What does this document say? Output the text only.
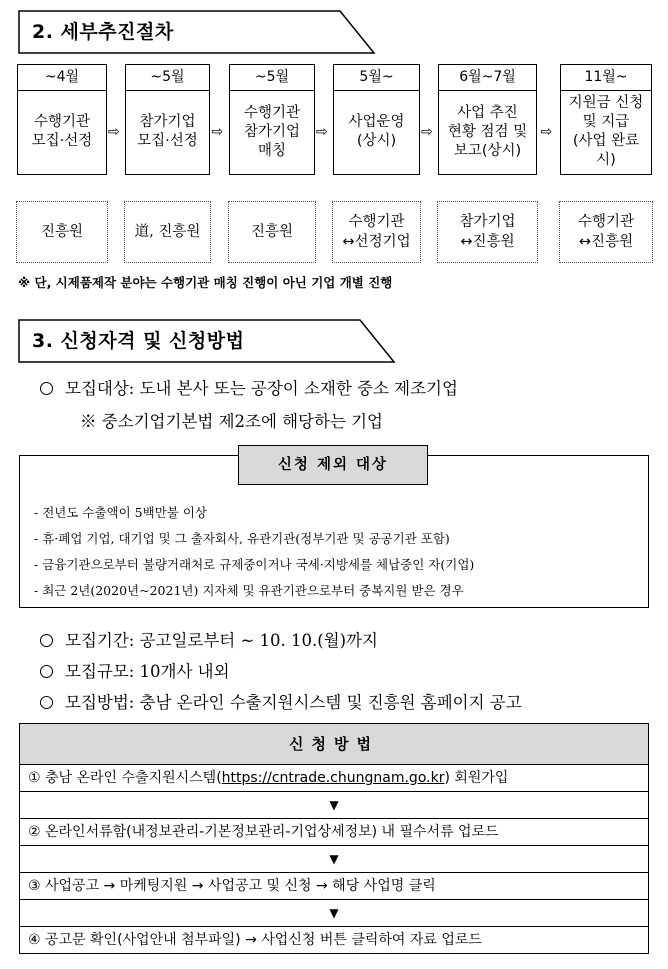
2. 세부추진절차
~4월
수행기관
모집·선정
진흥원
⇨
~5월
참가기업
모집·선정
道, 진흥원
⇨
~5월
수행기관
참가기업
매칭
진흥원
⇨
5월~
사업운영
(상시)
수행기관
↔선정기업
⇨
6월~7월
사업 추진
현황 점검 및
보고(상시)
참가기업
↔진흥원
⇨
11월~
지원금 신청
및 지급
(사업 완료 시)
수행기관
↔진흥원
※ 단, 시제품제작 분야는 수행기관 매칭 진행이 아닌 기업 개별 진행
3. 신청자격 및 신청방법
모집대상: 도내 본사 또는 공장이 소재한 중소 제조기업
※ 중소기업기본법 제2조에 해당하는 기업
신청 제외 대상
- 전년도 수출액이 5백만불 이상
- 휴·폐업 기업, 대기업 및 그 출자회사, 유관기관(정부기관 및 공공기관 포함)
- 금융기관으로부터 불량거래처로 규제중이거나 국세·지방세를 체납중인 자(기업)
- 최근 2년(2020년~2021년) 지자체 및 유관기관으로부터 중복지원 받은 경우
모집기간: 공고일로부터 ~ 10. 10.(월)까지
모집규모: 10개사 내외
모집방법: 충남 온라인 수출지원시스템 및 진흥원 홈페이지 공고
신청방법
① 충남 온라인 수출지원시스템(https://cntrade.chungnam.go.kr) 회원가입
▼
② 온라인서류함(내정보관리-기본정보관리-기업상세정보) 내 필수서류 업로드
▼
③ 사업공고 → 마케팅지원 → 사업공고 및 신청 → 해당 사업명 클릭
▼
④ 공고문 확인(사업안내 첨부파일) → 사업신청 버튼 클릭하여 자료 업로드
